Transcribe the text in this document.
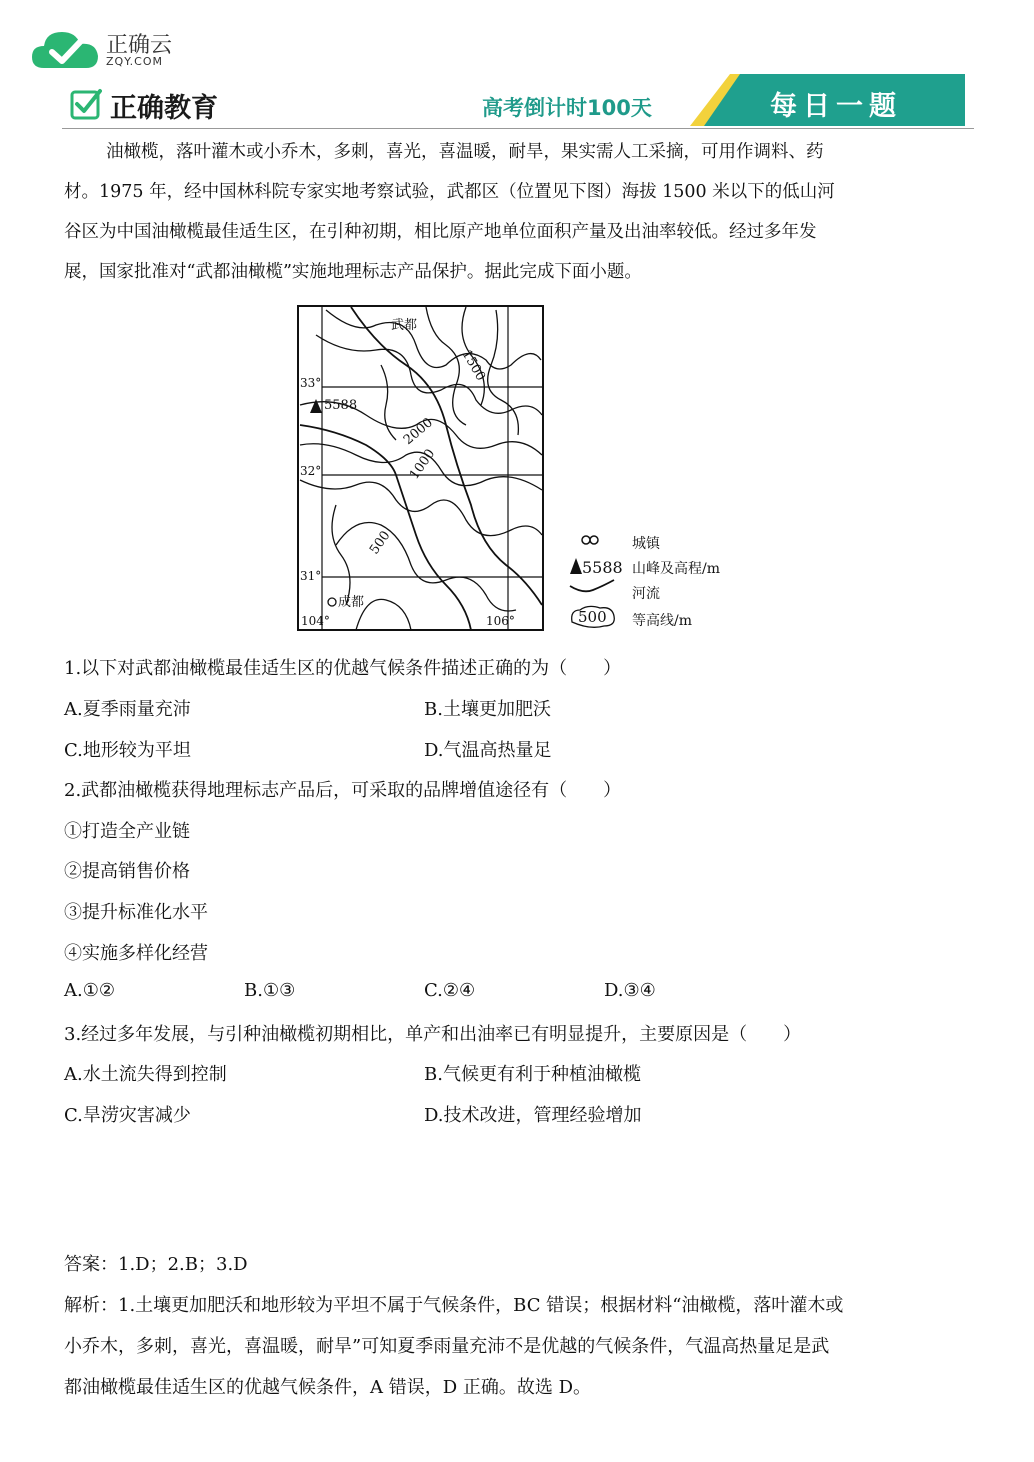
正确云
ZQY.COM
正确教育	高考倒计时100天	每日一题

油橄榄，落叶灌木或小乔木，多刺，喜光，喜温暖，耐旱，果实需人工采摘，可用作调料、药

材。1975 年，经中国林科院专家实地考察试验，武都区（位置见下图）海拔 1500 米以下的低山河

谷区为中国油橄榄最佳适生区，在引种初期，相比原产地单位面积产量及出油率较低。经过多年发

展，国家批准对“武都油橄榄”实施地理标志产品保护。据此完成下面小题。

武都
1500
2000
1000
500
5588
33°
32°
31°
成都
104°	106°
城镇
5588 山峰及高程/m
河流
500 等高线/m
1.以下对武都油橄榄最佳适生区的优越气候条件描述正确的为（　　）
A.夏季雨量充沛	B.土壤更加肥沃
C.地形较为平坦	D.气温高热量足
2.武都油橄榄获得地理标志产品后，可采取的品牌增值途径有（　　）
①打造全产业链
②提高销售价格
③提升标准化水平
④实施多样化经营
A.①②	B.①③	C.②④	D.③④
3.经过多年发展，与引种油橄榄初期相比，单产和出油率已有明显提升，主要原因是（　　）
A.水土流失得到控制	B.气候更有利于种植油橄榄
C.旱涝灾害减少	D.技术改进，管理经验增加
答案：1.D；2.B；3.D
解析：1.土壤更加肥沃和地形较为平坦不属于气候条件，BC 错误；根据材料“油橄榄，落叶灌木或
小乔木，多刺，喜光，喜温暖，耐旱”可知夏季雨量充沛不是优越的气候条件，气温高热量足是武
都油橄榄最佳适生区的优越气候条件，A 错误，D 正确。故选 D。
